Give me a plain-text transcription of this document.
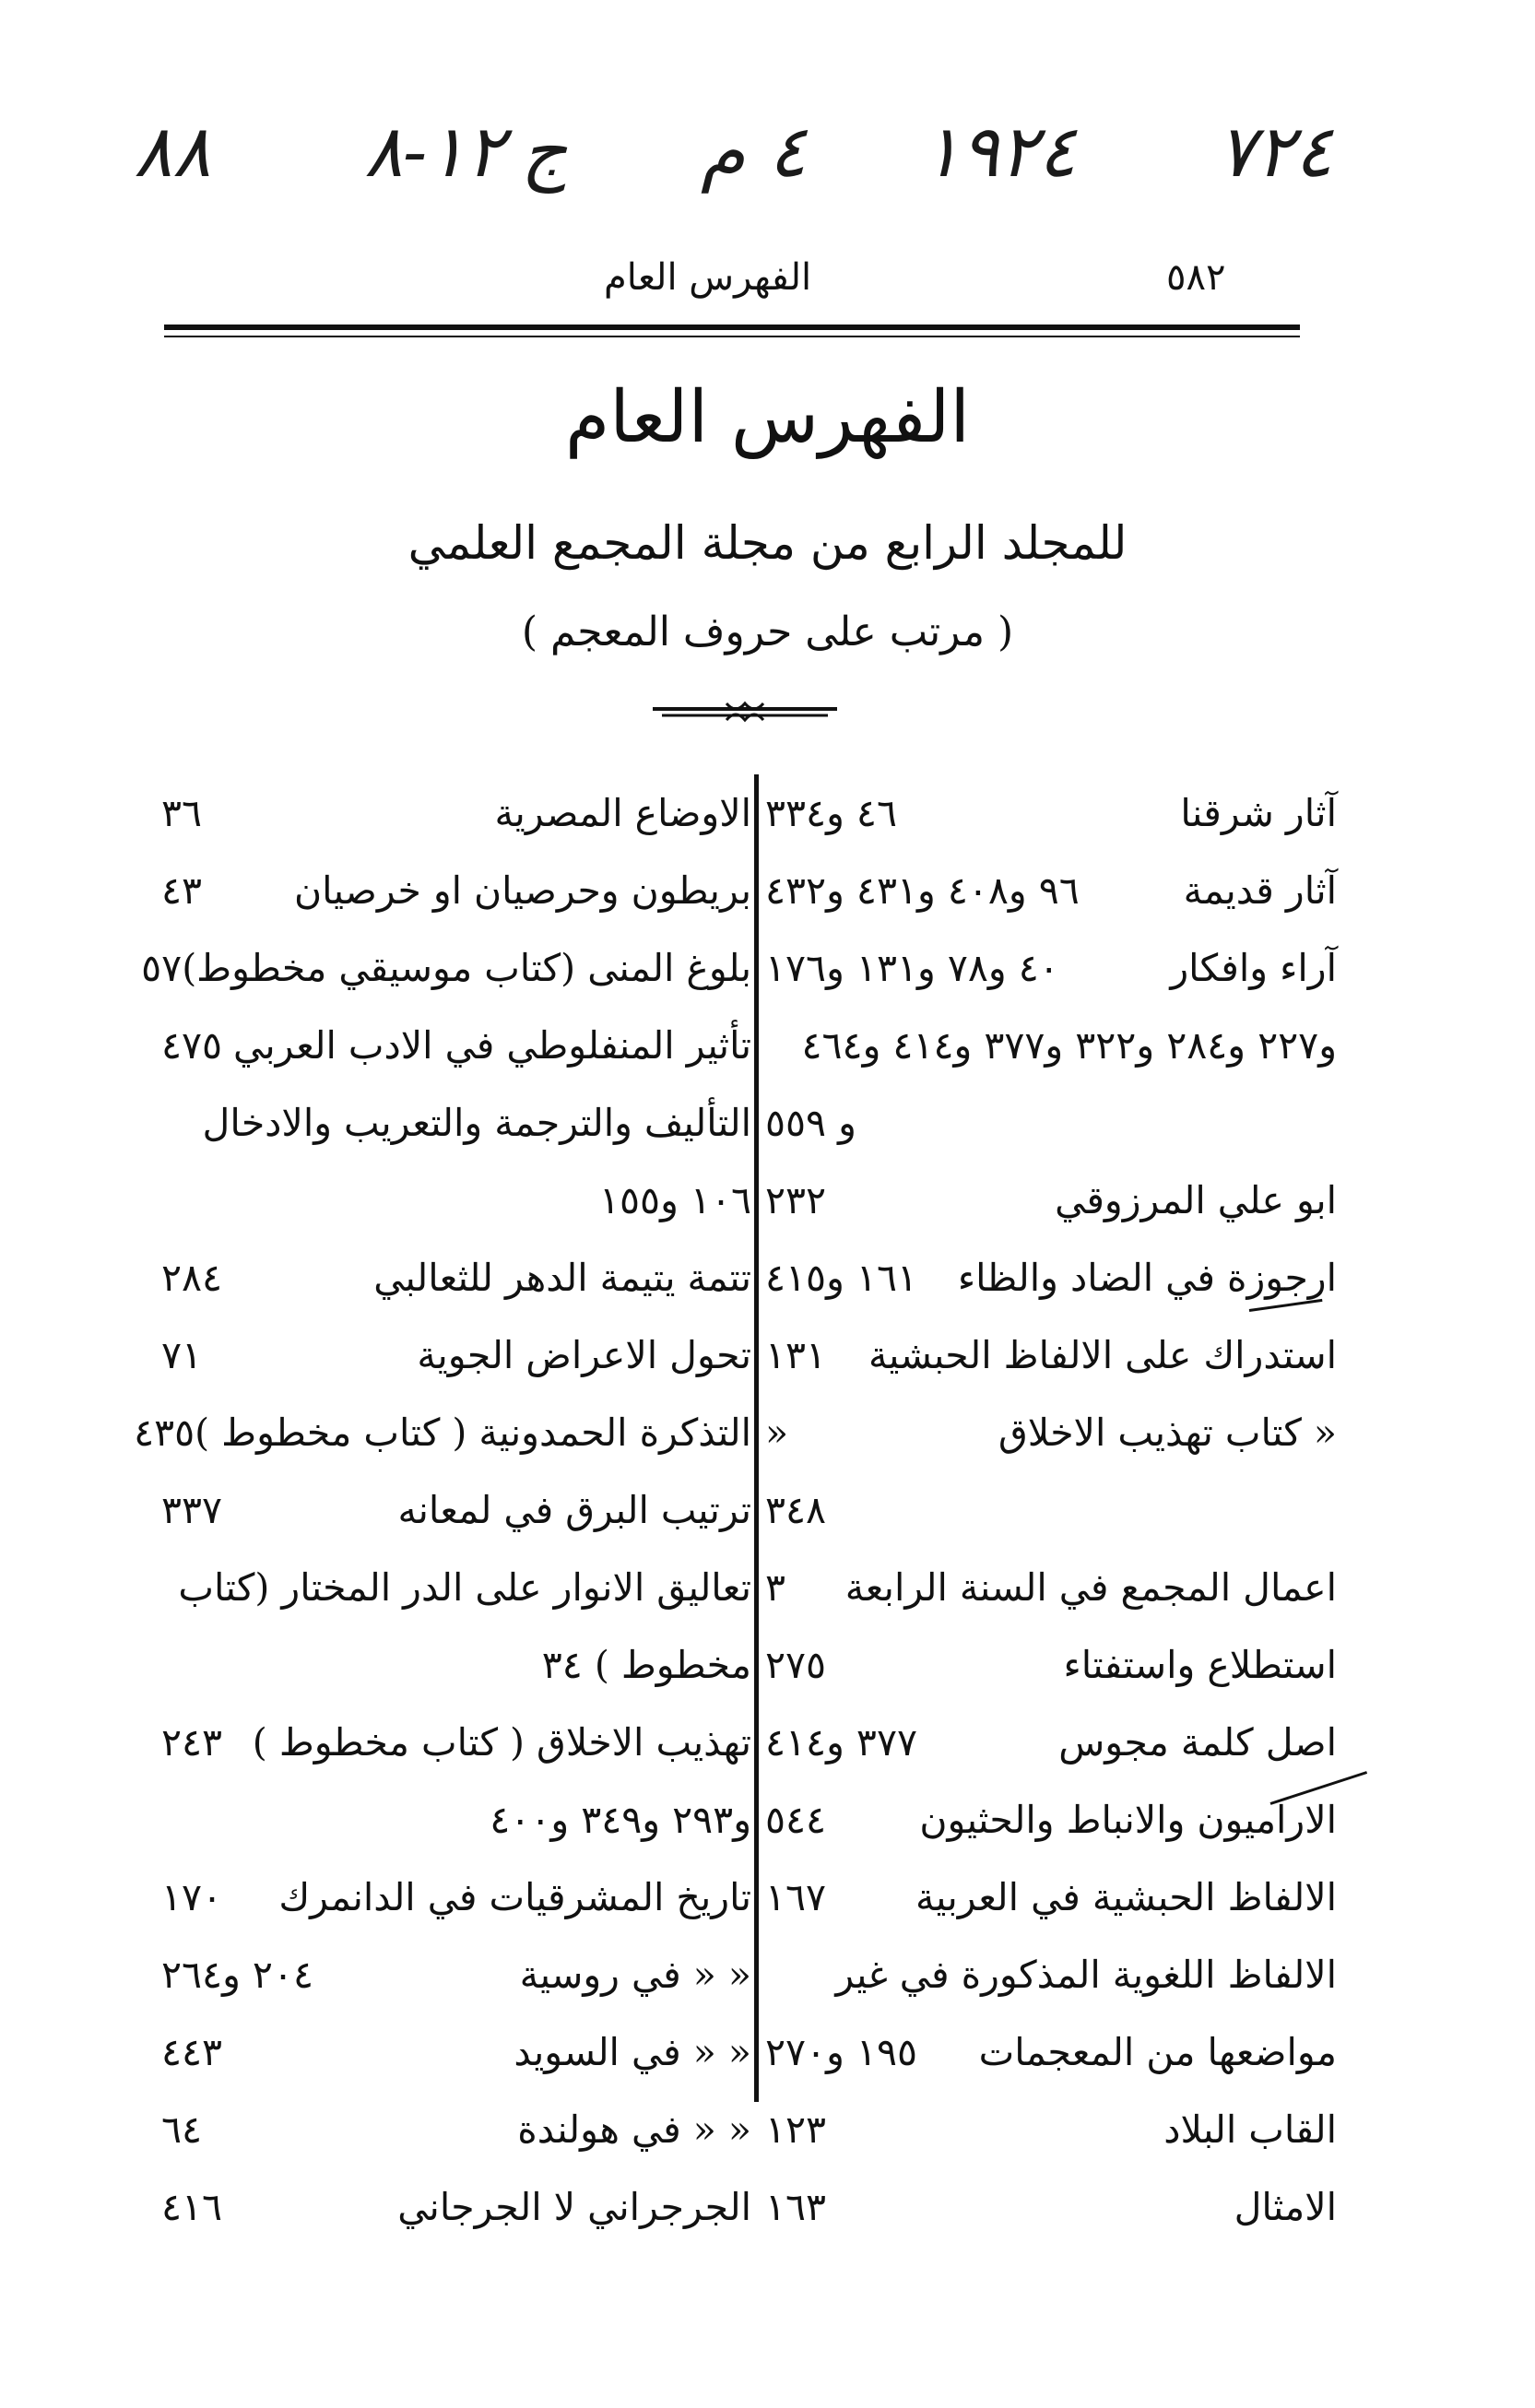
٧٢٤
١٩٢٤
٤ م
ج
١٢-٨
٨٨
٥٨٢
الفهرس العام
الفهرس العام
للمجلد الرابع من مجلة المجمع العلمي
( مرتب على حروف المعجم )
آثار شرقنا
٤٦ و٣٣٤
آثار قديمة
٩٦ و٤٠٨ و٤٣١ و٤٣٢
آراء وافكار
٤٠ و٧٨ و١٣١ و١٧٦
و٢٢٧ و٢٨٤ و٣٢٢ و٣٧٧ و٤١٤ و٤٦٤
و ٥٥٩
ابو علي المرزوقي
٢٣٢
ارجوزة في الضاد والظاء
١٦١ و٤١٥
استدراك على الالفاظ الحبشية
١٣١
« كتاب تهذيب الاخلاق
«
٣٤٨
اعمال المجمع في السنة الرابعة
٣
استطلاع واستفتاء
٢٧٥
اصل كلمة مجوس
٣٧٧ و٤١٤
الاراميون والانباط والحثيون
٥٤٤
الالفاظ الحبشية في العربية
١٦٧
الالفاظ اللغوية المذكورة في غير
مواضعها من المعجمات
١٩٥ و٢٧٠
القاب البلاد
١٢٣
الامثال
١٦٣
الاوضاع المصرية
٣٦
بريطون وحرصيان او خرصيان
٤٣
بلوغ المنى (كتاب موسيقي مخطوط)
٥٧
تأثير المنفلوطي في الادب العربي
٤٧٥
التأليف والترجمة والتعريب والادخال
١٠٦ و١٥٥
تتمة يتيمة الدهر للثعالبي
٢٨٤
تحول الاعراض الجوية
٧١
التذكرة الحمدونية ( كتاب مخطوط )
٤٣٥
ترتيب البرق في لمعانه
٣٣٧
تعاليق الانوار على الدر المختار (كتاب
مخطوط ) ٣٤
تهذيب الاخلاق ( كتاب مخطوط )
٢٤٣
و٢٩٣ و٣٤٩ و٤٠٠
تاريخ المشرقيات في الدانمرك
١٧٠
« « في روسية
٢٠٤ و٢٦٤
« « في السويد
٤٤٣
« « في هولندة
٦٤
الجرجراني لا الجرجاني
٤١٦
